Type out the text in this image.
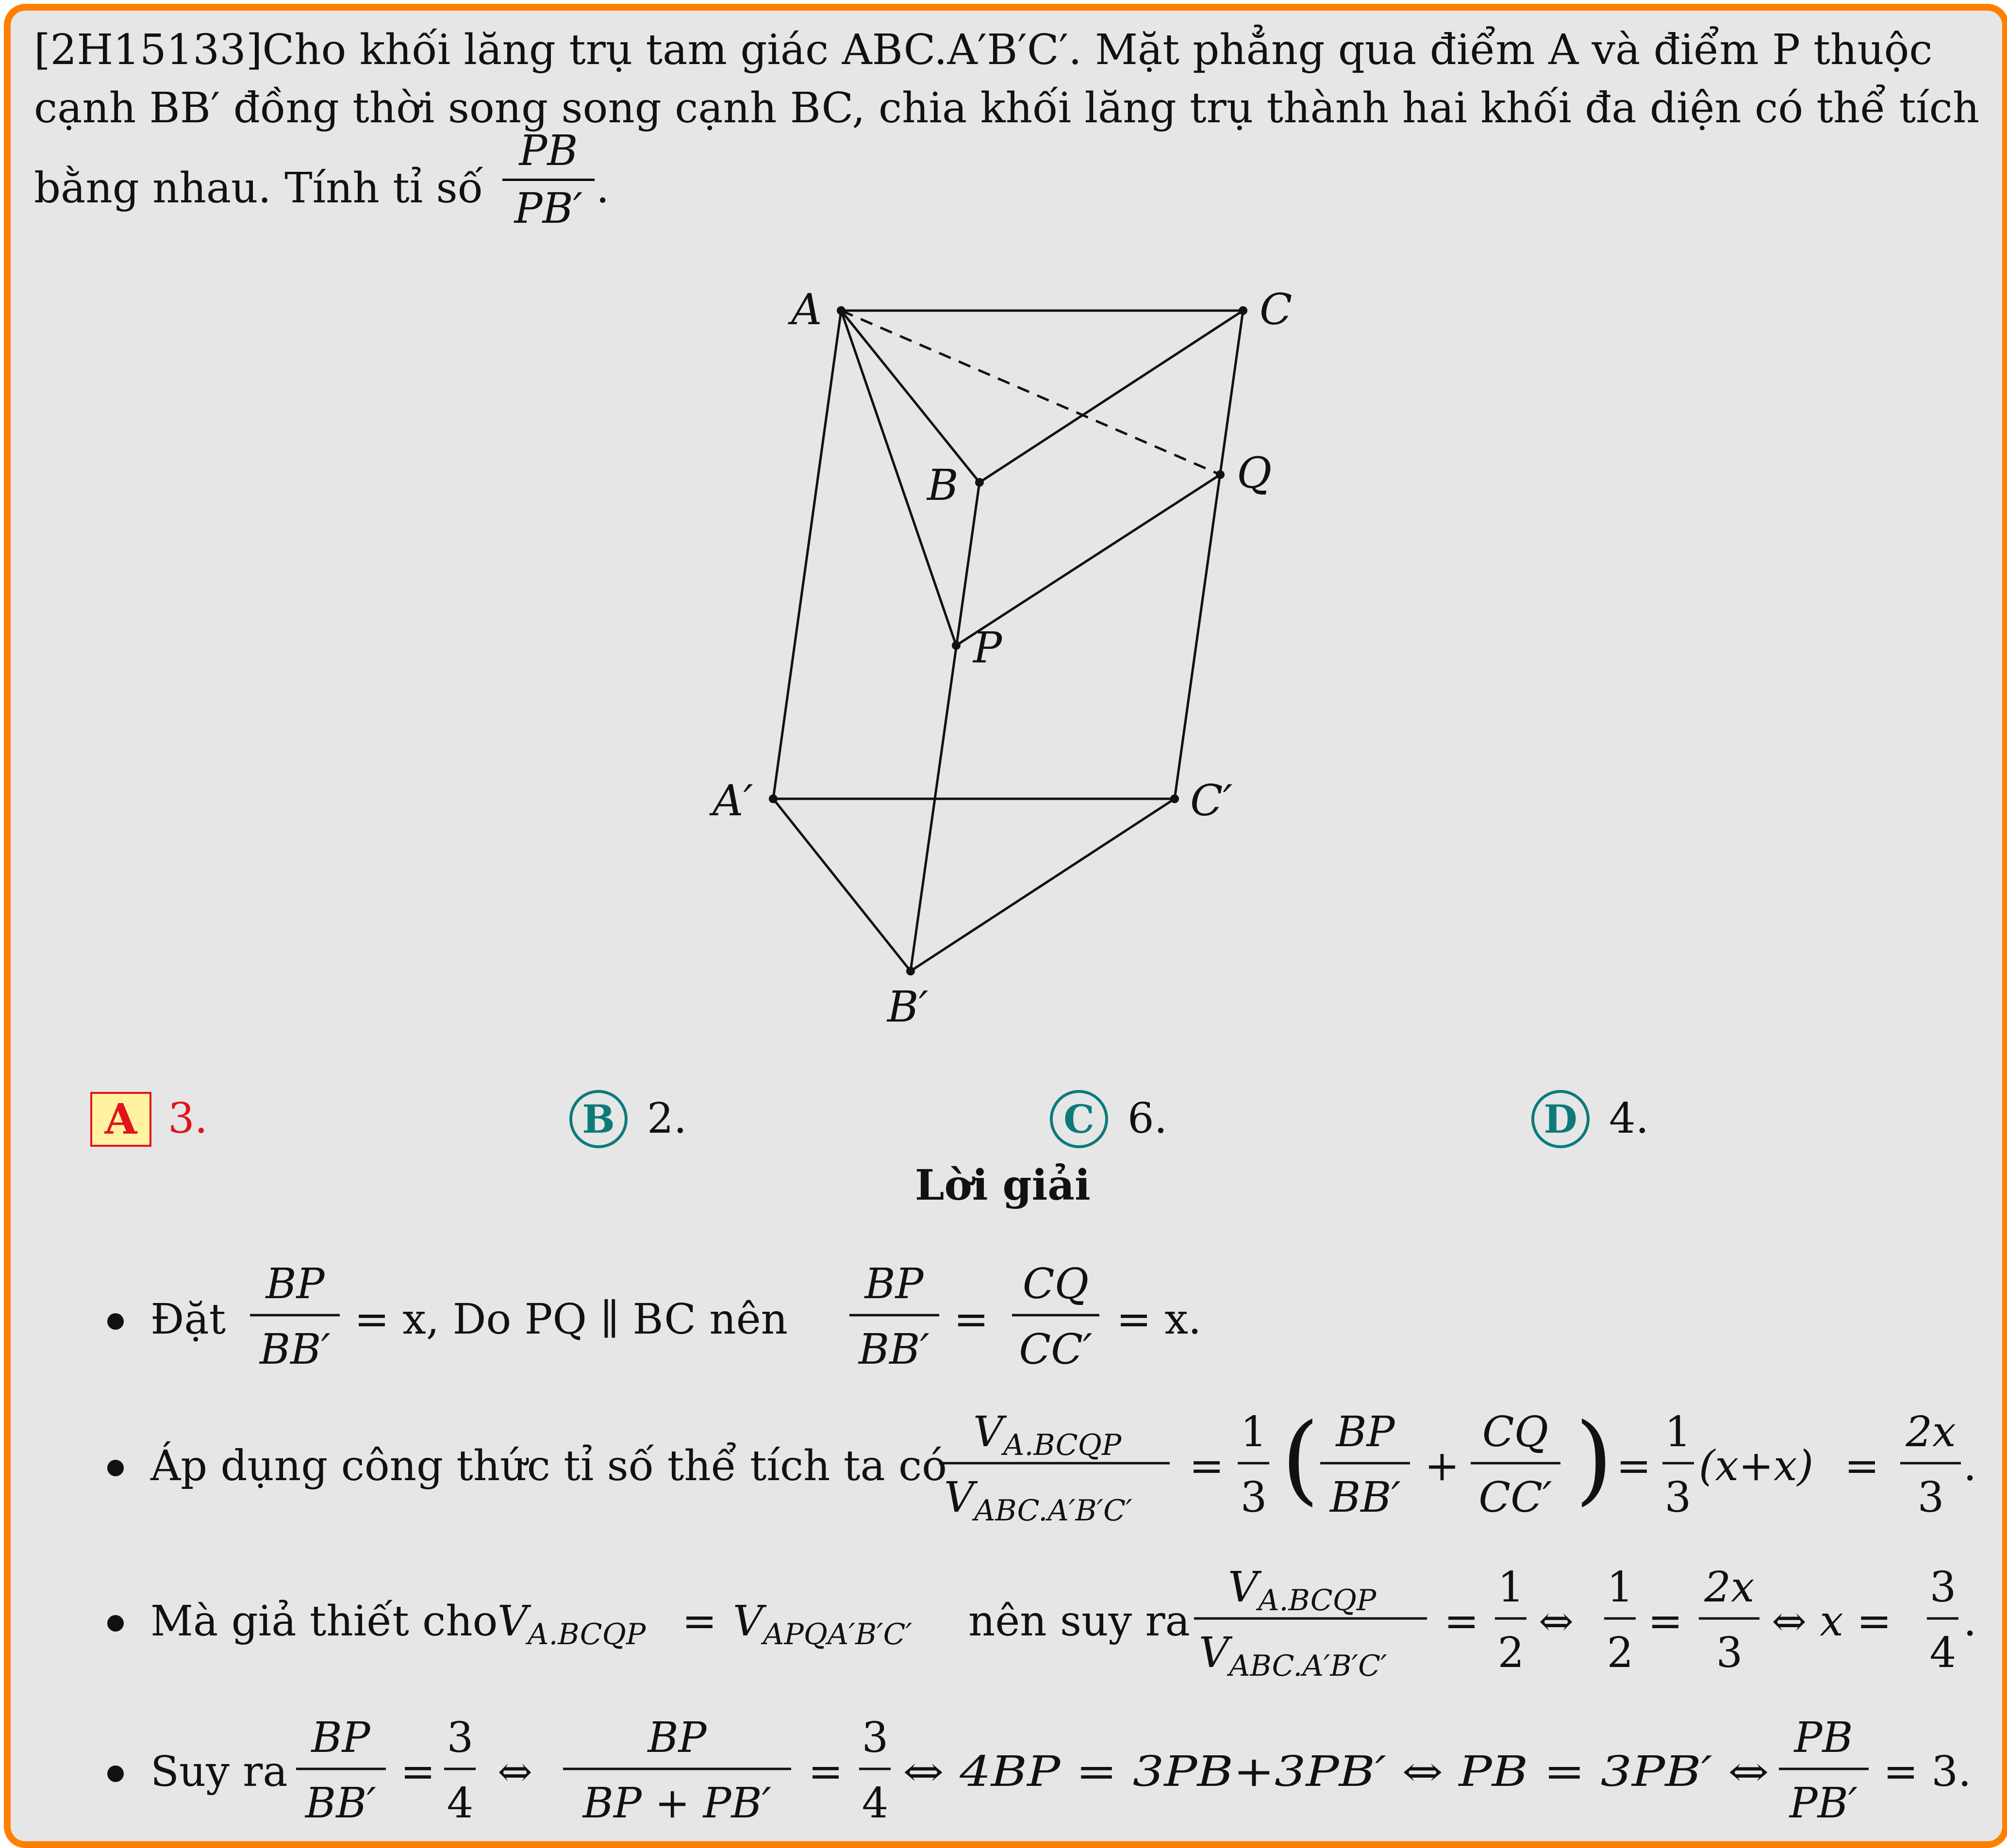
[2H15133]Cho khối lăng trụ tam giác ABC.A′B′C′. Mặt phẳng qua điểm A và điểm P thuộc
cạnh BB′ đồng thời song song cạnh BC, chia khối lăng trụ thành hai khối đa diện có thể tích
bằng nhau. Tính tỉ số
PB
PB′ .
A	C
B	Q
P
A′	C′
B′
A 3.	B 2.	C 6.	D 4.
Lời giải
Đặt
BP
BB′
= x, Do PQ ∥ BC nên
BP
BB′
=
CQ
CC′
= x.
Áp dụng công thức tỉ số thể tích ta có
$V_{A.BCQP}$
$V_{ABC.A'B'C'}$
=
1
3 ( BP
BB′
+
CQ
CC′ ) =
1
3
(x+x) =
2x
3
.
Mà giả thiết cho $V_{A.BCQP} = V_{APQA'B'C'}$ nên suy ra
$V_{A.BCQP}$
$V_{ABC.A'B'C'}$
=
1
2
⇔
1
2
=
2x
3
⇔ x =
3
4
.
Suy ra
BP
BB′
=
3
4
⇔
BP
BP + PB′
=
3
4
⇔ 4BP = 3PB+3PB′ ⇔ PB = 3PB′ ⇔
PB
PB′
= 3.
